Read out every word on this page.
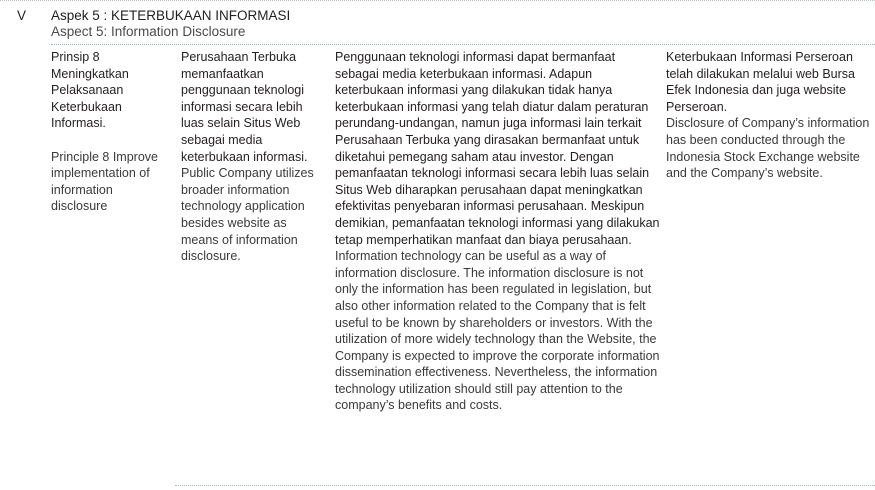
V Aspek 5 : KETERBUKAAN INFORMASI
Aspect 5: Information Disclosure

Prinsip 8 Meningkatkan Pelaksanaan Keterbukaan Informasi.

Principle 8 Improve implementation of information disclosure

Perusahaan Terbuka memanfaatkan penggunaan teknologi informasi secara lebih luas selain Situs Web sebagai media keterbukaan informasi.

Public Company utilizes broader information technology application besides website as means of information disclosure.

Penggunaan teknologi informasi dapat bermanfaat sebagai media keterbukaan informasi. Adapun keterbukaan informasi yang dilakukan tidak hanya keterbukaan informasi yang telah diatur dalam peraturan perundang-undangan, namun juga informasi lain terkait Perusahaan Terbuka yang dirasakan bermanfaat untuk diketahui pemegang saham atau investor. Dengan pemanfaatan teknologi informasi secara lebih luas selain Situs Web diharapkan perusahaan dapat meningkatkan efektivitas penyebaran informasi perusahaan. Meskipun demikian, pemanfaatan teknologi informasi yang dilakukan tetap memperhatikan manfaat dan biaya perusahaan.

Information technology can be useful as a way of information disclosure. The information disclosure is not only the information has been regulated in legislation, but also other information related to the Company that is felt useful to be known by shareholders or investors. With the utilization of more widely technology than the Website, the Company is expected to improve the corporate information dissemination effectiveness. Nevertheless, the information technology utilization should still pay attention to the company’s benefits and costs.

Keterbukaan Informasi Perseroan telah dilakukan melalui web Bursa Efek Indonesia dan juga website Perseroan.

Disclosure of Company’s information has been conducted through the Indonesia Stock Exchange website and the Company’s website.
